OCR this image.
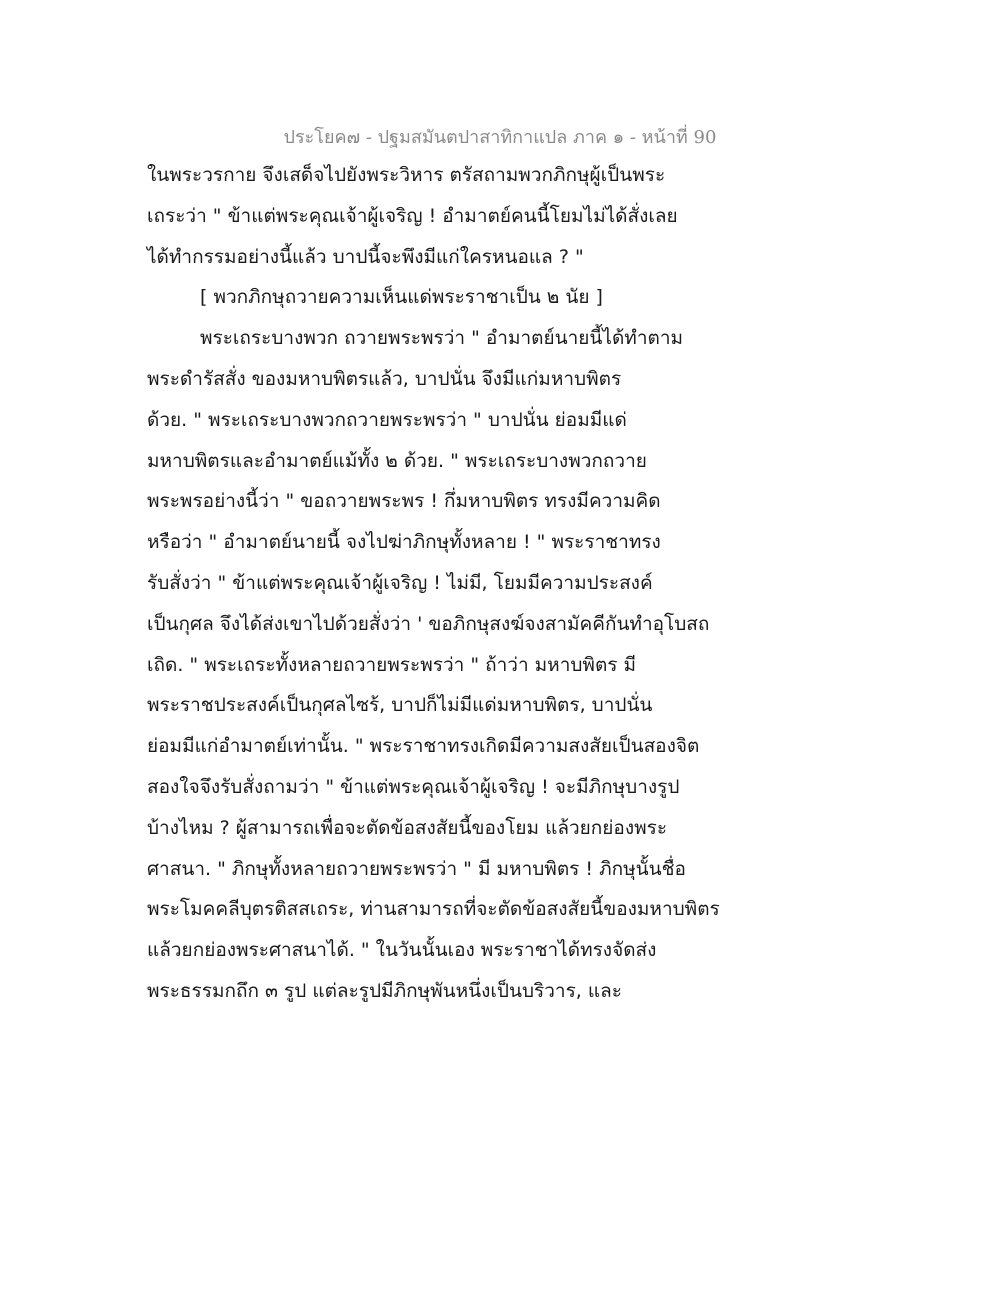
ประโยค๗ - ปฐมสมันตปาสาทิกาแปล ภาค ๑ - หน้าที่ 90
ในพระวรกาย จึงเสด็จไปยังพระวิหาร ตรัสถามพวกภิกษุผู้เป็นพระ
เถระว่า " ข้าแต่พระคุณเจ้าผู้เจริญ ! อำมาตย์คนนี้โยมไม่ได้สั่งเลย
ได้ทำกรรมอย่างนี้แล้ว บาปนี้จะพึงมีแก่ใครหนอแล ? "
[ พวกภิกษุถวายความเห็นแด่พระราชาเป็น ๒ นัย ]
พระเถระบางพวก ถวายพระพรว่า " อำมาตย์นายนี้ได้ทำตาม
พระดำรัสสั่ง ของมหาบพิตรแล้ว, บาปนั่น จึงมีแก่มหาบพิตร
ด้วย. " พระเถระบางพวกถวายพระพรว่า " บาปนั่น ย่อมมีแด่
มหาบพิตรและอำมาตย์แม้ทั้ง ๒ ด้วย. " พระเถระบางพวกถวาย
พระพรอย่างนี้ว่า " ขอถวายพระพร ! กึ่มหาบพิตร ทรงมีความคิด
หรือว่า " อำมาตย์นายนี้ จงไปฆ่าภิกษุทั้งหลาย ! " พระราชาทรง
รับสั่งว่า " ข้าแต่พระคุณเจ้าผู้เจริญ ! ไม่มี, โยมมีความประสงค์
เป็นกุศล จึงได้ส่งเขาไปด้วยสั่งว่า ' ขอภิกษุสงฆ์จงสามัคคีกันทำอุโบสถ
เถิด. " พระเถระทั้งหลายถวายพระพรว่า " ถ้าว่า มหาบพิตร มี
พระราชประสงค์เป็นกุศลไซร้, บาปก็ไม่มีแด่มหาบพิตร, บาปนั่น
ย่อมมีแก่อำมาตย์เท่านั้น. " พระราชาทรงเกิดมีความสงสัยเป็นสองจิต
สองใจจึงรับสั่งถามว่า " ข้าแต่พระคุณเจ้าผู้เจริญ ! จะมีภิกษุบางรูป
บ้างไหม ? ผู้สามารถเพื่อจะตัดข้อสงสัยนี้ของโยม แล้วยกย่องพระ
ศาสนา. " ภิกษุทั้งหลายถวายพระพรว่า " มี มหาบพิตร ! ภิกษุนั้นชื่อ
พระโมคคลีบุตรติสสเถระ, ท่านสามารถที่จะตัดข้อสงสัยนี้ของมหาบพิตร
แล้วยกย่องพระศาสนาได้. " ในวันนั้นเอง พระราชาได้ทรงจัดส่ง
พระธรรมกถึก ๓ รูป แต่ละรูปมีภิกษุพันหนึ่งเป็นบริวาร, และ
